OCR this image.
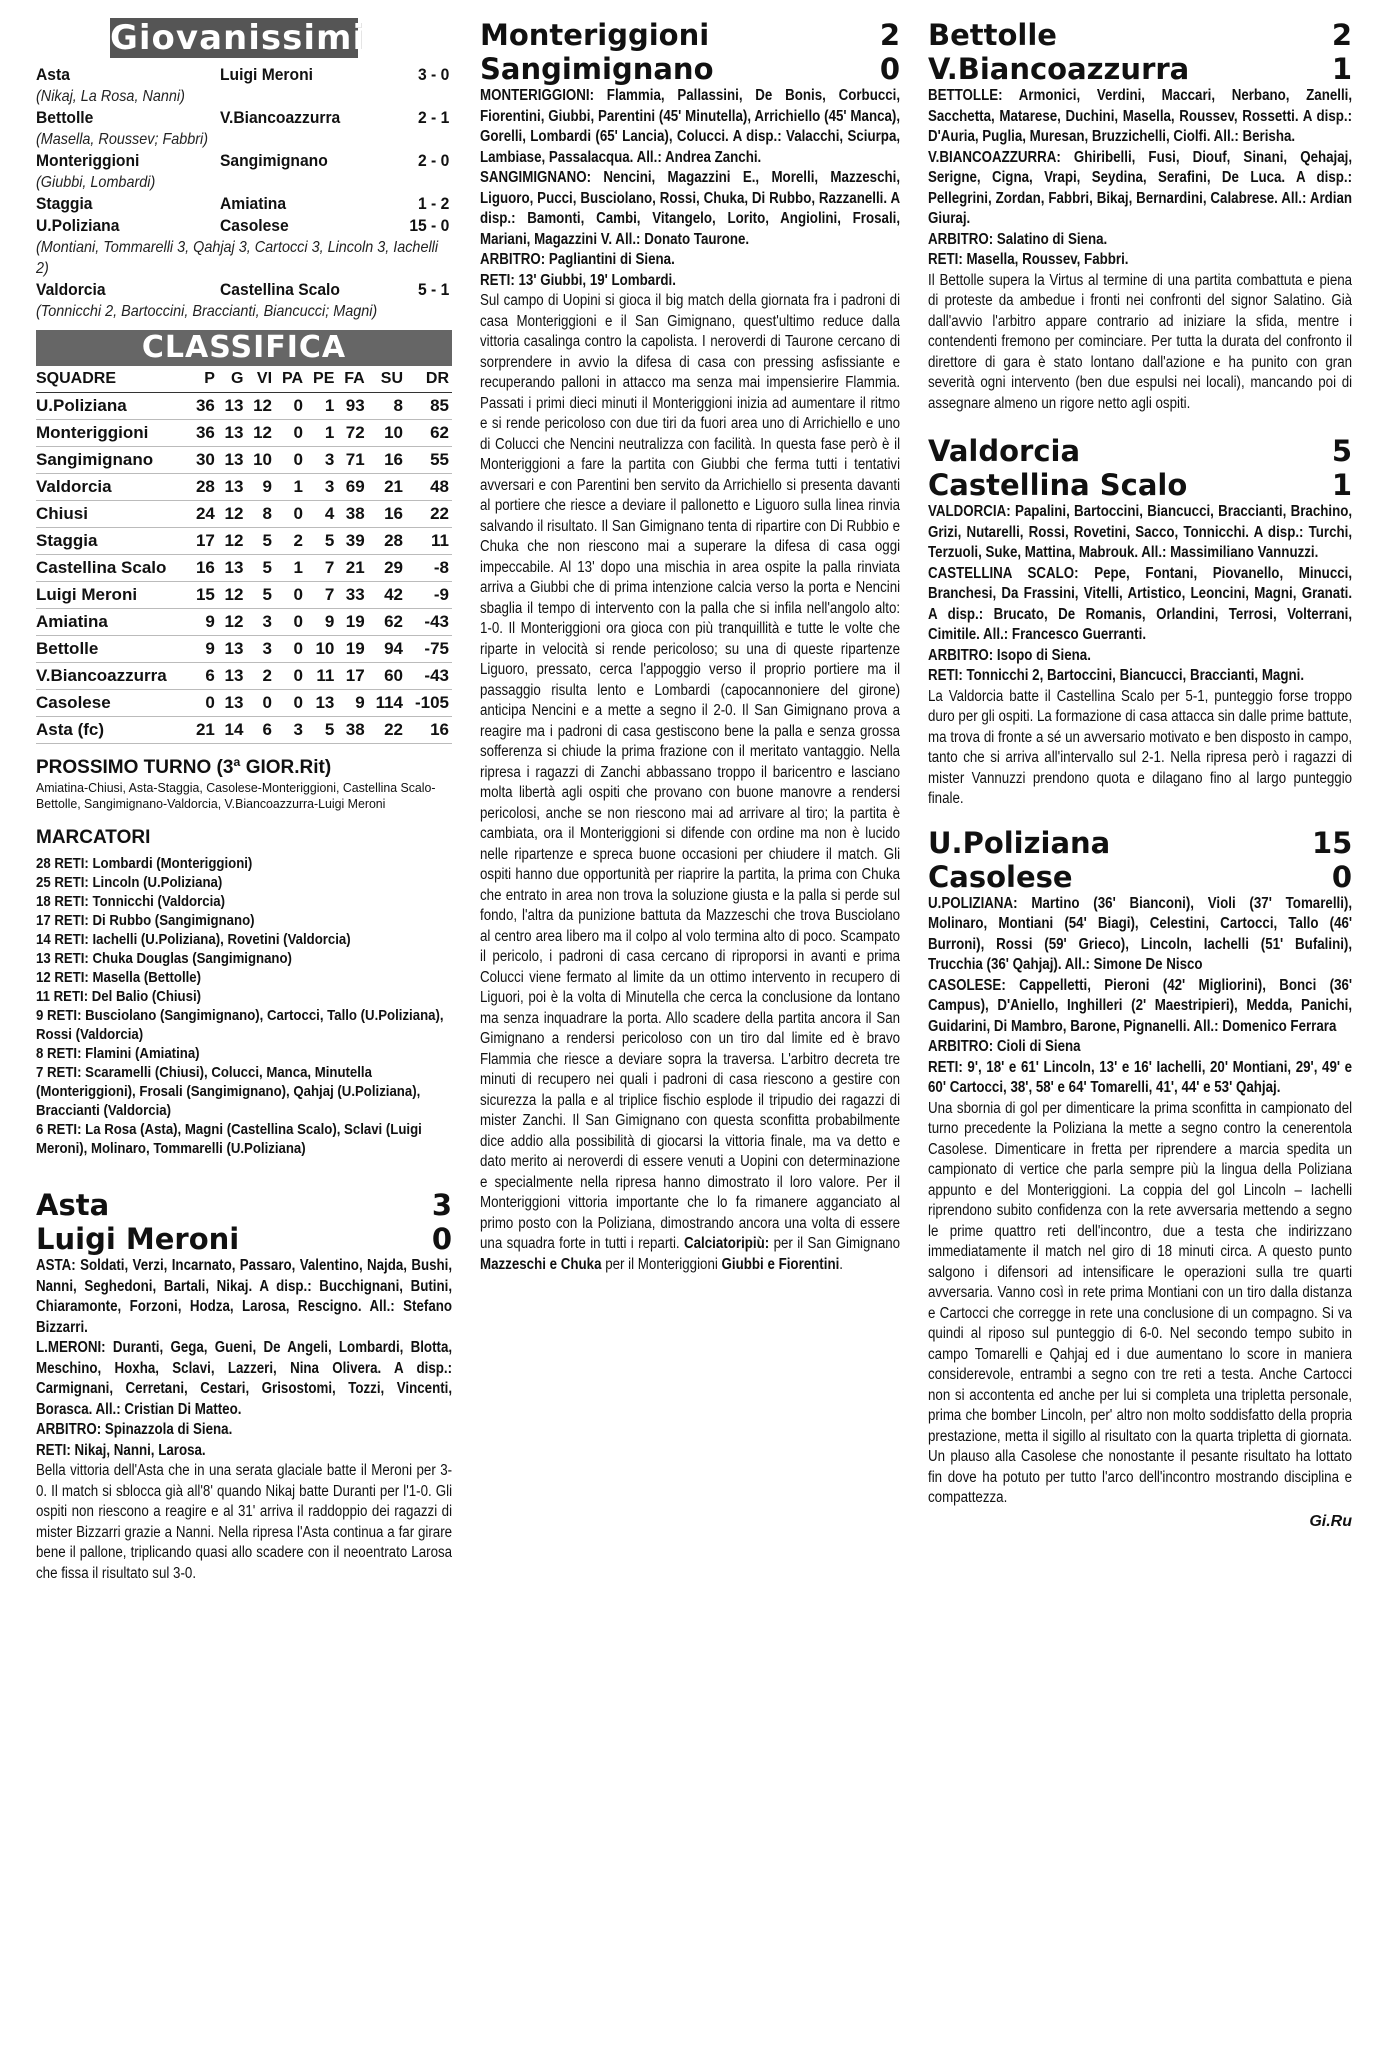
Giovanissimi
Asta	Luigi Meroni	3 - 0
(Nikaj, La Rosa, Nanni)
Bettolle	V.Biancoazzurra	2 - 1
(Masella, Roussev; Fabbri)
Monteriggioni	Sangimignano	2 - 0
(Giubbi, Lombardi)
Staggia	Amiatina	1 - 2
U.Poliziana	Casolese	15 - 0
(Montiani, Tommarelli 3, Qahjaj 3, Cartocci 3, Lincoln 3, Iachelli 2)
Valdorcia	Castellina Scalo	5 - 1
(Tonnicchi 2, Bartoccini, Braccianti, Biancucci; Magni)
CLASSIFICA
SQUADRE	P	G	VI	PA	PE	FA	SU	DR
U.Poliziana	36	13	12	0	1	93	8	85
Monteriggioni	36	13	12	0	1	72	10	62
Sangimignano	30	13	10	0	3	71	16	55
Valdorcia	28	13	9	1	3	69	21	48
Chiusi	24	12	8	0	4	38	16	22
Staggia	17	12	5	2	5	39	28	11
Castellina Scalo	16	13	5	1	7	21	29	-8
Luigi Meroni	15	12	5	0	7	33	42	-9
Amiatina	9	12	3	0	9	19	62	-43
Bettolle	9	13	3	0	10	19	94	-75
V.Biancoazzurra	6	13	2	0	11	17	60	-43
Casolese	0	13	0	0	13	9	114	-105
Asta (fc)	21	14	6	3	5	38	22	16
PROSSIMO TURNO (3ª GIOR.Rit)
Amiatina-Chiusi, Asta-Staggia, Casolese-Monteriggioni, Castellina Scalo-Bettolle, Sangimignano-Valdorcia, V.Biancoazzurra-Luigi Meroni
MARCATORI
28 RETI: Lombardi (Monteriggioni)
25 RETI: Lincoln (U.Poliziana)
18 RETI: Tonnicchi (Valdorcia)
17 RETI: Di Rubbo (Sangimignano)
14 RETI: Iachelli (U.Poliziana), Rovetini (Valdorcia)
13 RETI: Chuka Douglas (Sangimignano)
12 RETI: Masella (Bettolle)
11 RETI: Del Balio (Chiusi)
9 RETI: Busciolano (Sangimignano), Cartocci, Tallo (U.Poliziana), Rossi (Valdorcia)
8 RETI: Flamini (Amiatina)
7 RETI: Scaramelli (Chiusi), Colucci, Manca, Minutella (Monteriggioni), Frosali (Sangimignano), Qahjaj (U.Poliziana), Braccianti (Valdorcia)
6 RETI: La Rosa (Asta), Magni (Castellina Scalo), Sclavi (Luigi Meroni), Molinaro, Tommarelli (U.Poliziana)
Asta	3
Luigi Meroni	0

ASTA: Soldati, Verzi, Incarnato, Passaro, Valentino, Najda, Bushi, Nanni, Seghedoni, Bartali, Nikaj. A disp.: Bucchignani, Butini, Chiaramonte, Forzoni, Hodza, Larosa, Rescigno. All.: Stefano Bizzarri.

L.MERONI: Duranti, Gega, Gueni, De Angeli, Lombardi, Blotta, Meschino, Hoxha, Sclavi, Lazzeri, Nina Olivera. A disp.: Carmignani, Cerretani, Cestari, Grisostomi, Tozzi, Vincenti, Borasca. All.: Cristian Di Matteo.

ARBITRO: Spinazzola di Siena.

RETI: Nikaj, Nanni, Larosa.

Bella vittoria dell'Asta che in una serata glaciale batte il Meroni per 3-0. Il match si sblocca già all'8' quando Nikaj batte Duranti per l'1-0. Gli ospiti non riescono a reagire e al 31' arriva il raddoppio dei ragazzi di mister Bizzarri grazie a Nanni. Nella ripresa l'Asta continua a far girare bene il pallone, triplicando quasi allo scadere con il neoentrato Larosa che fissa il risultato sul 3-0.

Monteriggioni	2
Sangimignano	0

MONTERIGGIONI: Flammia, Pallassini, De Bonis, Corbucci, Fiorentini, Giubbi, Parentini (45' Minutella), Arrichiello (45' Manca), Gorelli, Lombardi (65' Lancia), Colucci. A disp.: Valacchi, Sciurpa, Lambiase, Passalacqua. All.: Andrea Zanchi.

SANGIMIGNANO: Nencini, Magazzini E., Morelli, Mazzeschi, Liguoro, Pucci, Busciolano, Rossi, Chuka, Di Rubbo, Razzanelli. A disp.: Bamonti, Cambi, Vitangelo, Lorito, Angiolini, Frosali, Mariani, Magazzini V. All.: Donato Taurone.

ARBITRO: Pagliantini di Siena.

RETI: 13' Giubbi, 19' Lombardi.

Sul campo di Uopini si gioca il big match della giornata fra i padroni di casa Monteriggioni e il San Gimignano, quest'ultimo reduce dalla vittoria casalinga contro la capolista. I neroverdi di Taurone cercano di sorprendere in avvio la difesa di casa con pressing asfissiante e recuperando palloni in attacco ma senza mai impensierire Flammia. Passati i primi dieci minuti il Monteriggioni inizia ad aumentare il ritmo e si rende pericoloso con due tiri da fuori area uno di Arrichiello e uno di Colucci che Nencini neutralizza con facilità. In questa fase però è il Monteriggioni a fare la partita con Giubbi che ferma tutti i tentativi avversari e con Parentini ben servito da Arrichiello si presenta davanti al portiere che riesce a deviare il pallonetto e Liguoro sulla linea rinvia salvando il risultato. Il San Gimignano tenta di ripartire con Di Rubbio e Chuka che non riescono mai a superare la difesa di casa oggi impeccabile. Al 13' dopo una mischia in area ospite la palla rinviata arriva a Giubbi che di prima intenzione calcia verso la porta e Nencini sbaglia il tempo di intervento con la palla che si infila nell'angolo alto: 1-0. Il Monteriggioni ora gioca con più tranquillità e tutte le volte che riparte in velocità si rende pericoloso; su una di queste ripartenze Liguoro, pressato, cerca l'appoggio verso il proprio portiere ma il passaggio risulta lento e Lombardi (capocannoniere del girone) anticipa Nencini e a mette a segno il 2-0. Il San Gimignano prova a reagire ma i padroni di casa gestiscono bene la palla e senza grossa sofferenza si chiude la prima frazione con il meritato vantaggio. Nella ripresa i ragazzi di Zanchi abbassano troppo il baricentro e lasciano molta libertà agli ospiti che provano con buone manovre a rendersi pericolosi, anche se non riescono mai ad arrivare al tiro; la partita è cambiata, ora il Monteriggioni si difende con ordine ma non è lucido nelle ripartenze e spreca buone occasioni per chiudere il match. Gli ospiti hanno due opportunità per riaprire la partita, la prima con Chuka che entrato in area non trova la soluzione giusta e la palla si perde sul fondo, l'altra da punizione battuta da Mazzeschi che trova Busciolano al centro area libero ma il colpo al volo termina alto di poco. Scampato il pericolo, i padroni di casa cercano di riproporsi in avanti e prima Colucci viene fermato al limite da un ottimo intervento in recupero di Liguori, poi è la volta di Minutella che cerca la conclusione da lontano ma senza inquadrare la porta. Allo scadere della partita ancora il San Gimignano a rendersi pericoloso con un tiro dal limite ed è bravo Flammia che riesce a deviare sopra la traversa. L'arbitro decreta tre minuti di recupero nei quali i padroni di casa riescono a gestire con sicurezza la palla e al triplice fischio esplode il tripudio dei ragazzi di mister Zanchi. Il San Gimignano con questa sconfitta probabilmente dice addio alla possibilità di giocarsi la vittoria finale, ma va detto e dato merito ai neroverdi di essere venuti a Uopini con determinazione e specialmente nella ripresa hanno dimostrato il loro valore. Per il Monteriggioni vittoria importante che lo fa rimanere agganciato al primo posto con la Poliziana, dimostrando ancora una volta di essere una squadra forte in tutti i reparti. Calciatoripiù: per il San Gimignano Mazzeschi e Chuka per il Monteriggioni Giubbi e Fiorentini.

Bettolle	2
V.Biancoazzurra	1

BETTOLLE: Armonici, Verdini, Maccari, Nerbano, Zanelli, Sacchetta, Matarese, Duchini, Masella, Roussev, Rossetti. A disp.: D'Auria, Puglia, Muresan, Bruzzichelli, Ciolfi. All.: Berisha.

V.BIANCOAZZURRA: Ghiribelli, Fusi, Diouf, Sinani, Qehajaj, Serigne, Cigna, Vrapi, Seydina, Serafini, De Luca. A disp.: Pellegrini, Zordan, Fabbri, Bikaj, Bernardini, Calabrese. All.: Ardian Giuraj.

ARBITRO: Salatino di Siena.

RETI: Masella, Roussev, Fabbri.

Il Bettolle supera la Virtus al termine di una partita combattuta e piena di proteste da ambedue i fronti nei confronti del signor Salatino. Già dall'avvio l'arbitro appare contrario ad iniziare la sfida, mentre i contendenti fremono per cominciare. Per tutta la durata del confronto il direttore di gara è stato lontano dall'azione e ha punito con gran severità ogni intervento (ben due espulsi nei locali), mancando poi di assegnare almeno un rigore netto agli ospiti.

Valdorcia	5
Castellina Scalo	1

VALDORCIA: Papalini, Bartoccini, Biancucci, Braccianti, Brachino, Grizi, Nutarelli, Rossi, Rovetini, Sacco, Tonnicchi. A disp.: Turchi, Terzuoli, Suke, Mattina, Mabrouk. All.: Massimiliano Vannuzzi.

CASTELLINA SCALO: Pepe, Fontani, Piovanello, Minucci, Branchesi, Da Frassini, Vitelli, Artistico, Leoncini, Magni, Granati. A disp.: Brucato, De Romanis, Orlandini, Terrosi, Volterrani, Cimitile. All.: Francesco Guerranti.

ARBITRO: Isopo di Siena.

RETI: Tonnicchi 2, Bartoccini, Biancucci, Braccianti, Magni.

La Valdorcia batte il Castellina Scalo per 5-1, punteggio forse troppo duro per gli ospiti. La formazione di casa attacca sin dalle prime battute, ma trova di fronte a sé un avversario motivato e ben disposto in campo, tanto che si arriva all'intervallo sul 2-1. Nella ripresa però i ragazzi di mister Vannuzzi prendono quota e dilagano fino al largo punteggio finale.

U.Poliziana	15
Casolese	0

U.POLIZIANA: Martino (36' Bianconi), Violi (37' Tomarelli), Molinaro, Montiani (54' Biagi), Celestini, Cartocci, Tallo (46' Burroni), Rossi (59' Grieco), Lincoln, Iachelli (51' Bufalini), Trucchia (36' Qahjaj). All.: Simone De Nisco

CASOLESE: Cappelletti, Pieroni (42' Migliorini), Bonci (36' Campus), D'Aniello, Inghilleri (2' Maestripieri), Medda, Panichi, Guidarini, Di Mambro, Barone, Pignanelli. All.: Domenico Ferrara

ARBITRO: Cioli di Siena

RETI: 9', 18' e 61' Lincoln, 13' e 16' Iachelli, 20' Montiani, 29', 49' e 60' Cartocci, 38', 58' e 64' Tomarelli, 41', 44' e 53' Qahjaj.

Una sbornia di gol per dimenticare la prima sconfitta in campionato del turno precedente la Poliziana la mette a segno contro la cenerentola Casolese. Dimenticare in fretta per riprendere a marcia spedita un campionato di vertice che parla sempre più la lingua della Poliziana appunto e del Monteriggioni. La coppia del gol Lincoln – Iachelli riprendono subito confidenza con la rete avversaria mettendo a segno le prime quattro reti dell'incontro, due a testa che indirizzano immediatamente il match nel giro di 18 minuti circa. A questo punto salgono i difensori ad intensificare le operazioni sulla tre quarti avversaria. Vanno così in rete prima Montiani con un tiro dalla distanza e Cartocci che corregge in rete una conclusione di un compagno. Si va quindi al riposo sul punteggio di 6-0. Nel secondo tempo subito in campo Tomarelli e Qahjaj ed i due aumentano lo score in maniera considerevole, entrambi a segno con tre reti a testa. Anche Cartocci non si accontenta ed anche per lui si completa una tripletta personale, prima che bomber Lincoln, per' altro non molto soddisfatto della propria prestazione, metta il sigillo al risultato con la quarta tripletta di giornata. Un plauso alla Casolese che nonostante il pesante risultato ha lottato fin dove ha potuto per tutto l'arco dell'incontro mostrando disciplina e compattezza.

Gi.Ru
